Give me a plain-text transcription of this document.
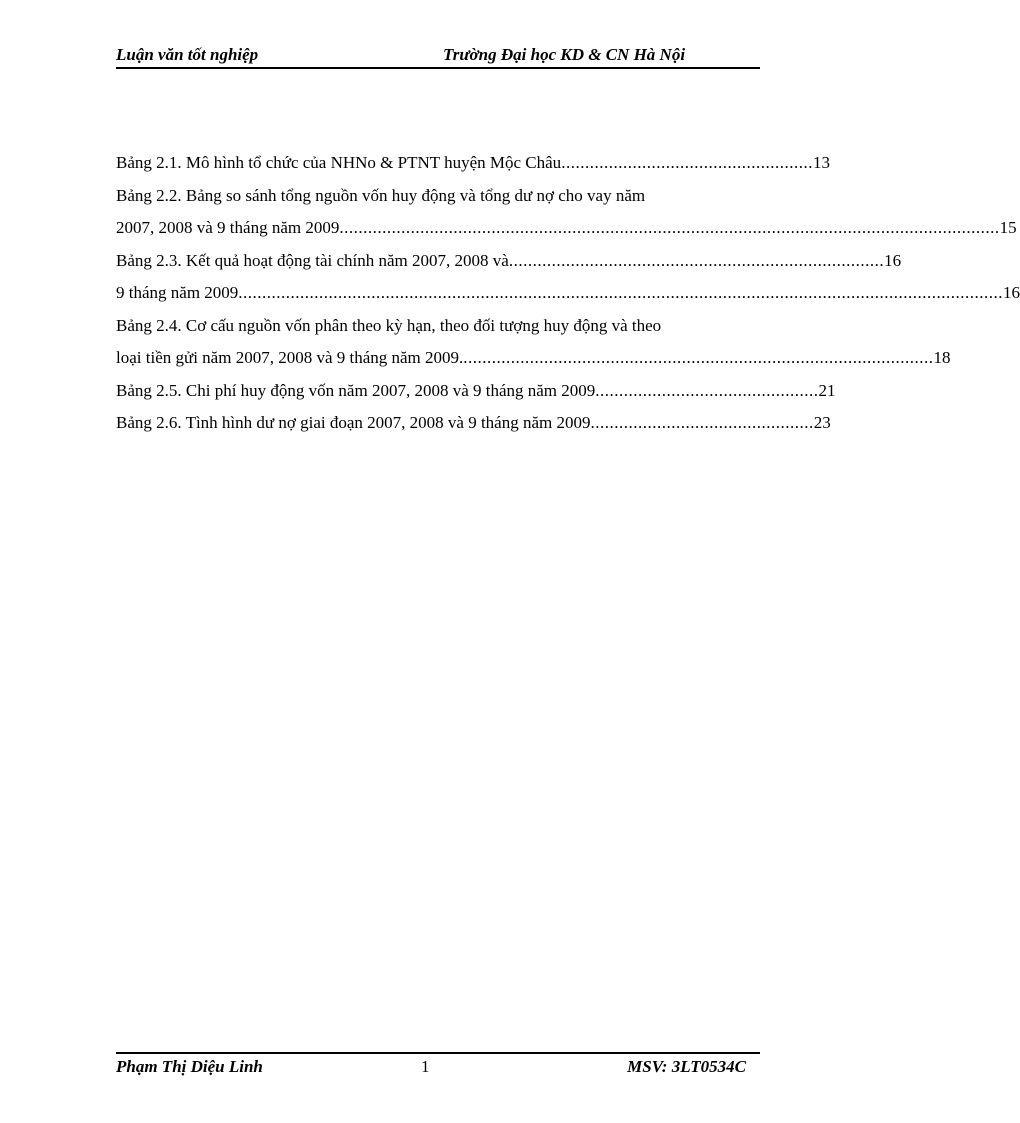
Luận văn tốt nghiệp	Trường Đại học KD & CN Hà Nội
Bảng 2.1. Mô hình tổ chức của NHNo & PTNT huyện Mộc Châu ..................................................... 13
Bảng 2.2. Bảng so sánh tổng nguồn vốn huy động và tổng dư nợ cho vay năm
2007, 2008 và 9 tháng năm 2009 ........................................................................................................................................... 15
Bảng 2.3. Kết quả hoạt động tài chính năm 2007, 2008 và ............................................................................... 16
9 tháng năm 2009 ................................................................................................................................................................. 16
Bảng 2.4. Cơ cấu nguồn vốn phân theo kỳ hạn, theo đối tượng huy động và theo
loại tiền gửi năm 2007, 2008 và 9 tháng năm 2009. ................................................................................................... 18
Bảng 2.5. Chi phí huy động vốn năm 2007, 2008 và 9 tháng năm 2009 ............................................... 21
Bảng 2.6. Tình hình dư nợ giai đoạn 2007, 2008 và 9 tháng năm 2009 ............................................... 23
Phạm Thị Diệu Linh	1	MSV: 3LT0534C
